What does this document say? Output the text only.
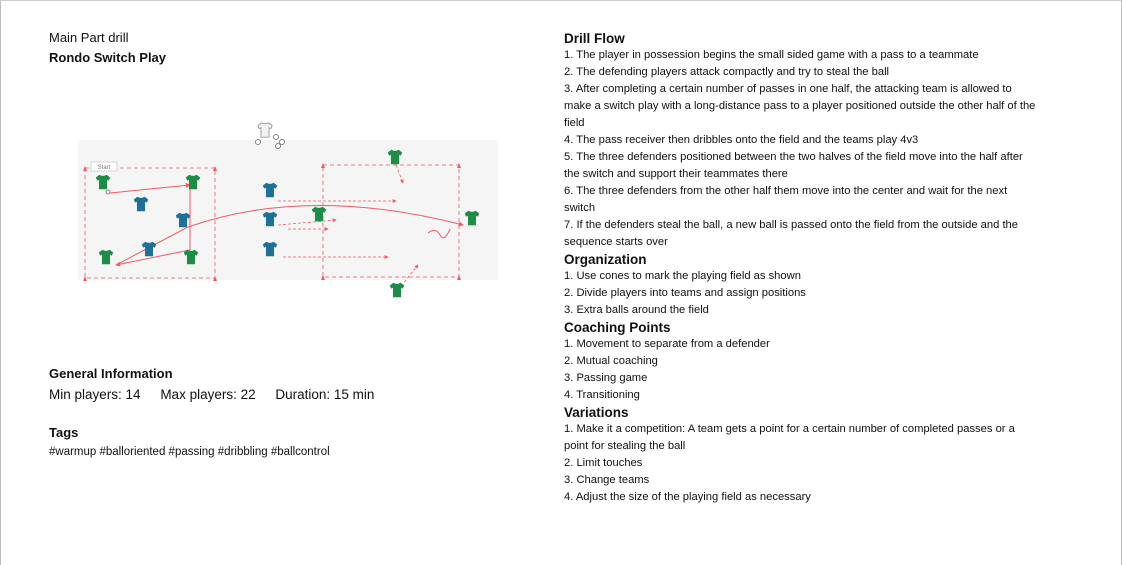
Main Part drill
Rondo Switch Play
Start
General Information
Min players: 14 Max players: 22 Duration: 15 min
Tags
#warmup #balloriented #passing #dribbling #ballcontrol
Drill Flow
1. The player in possession begins the small sided game with a pass to a teammate
2. The defending players attack compactly and try to steal the ball
3. After completing a certain number of passes in one half, the attacking team is allowed to
make a switch play with a long-distance pass to a player positioned outside the other half of the
field
4. The pass receiver then dribbles onto the field and the teams play 4v3
5. The three defenders positioned between the two halves of the field move into the half after
the switch and support their teammates there
6. The three defenders from the other half them move into the center and wait for the next
switch
7. If the defenders steal the ball, a new ball is passed onto the field from the outside and the
sequence starts over
Organization
1. Use cones to mark the playing field as shown
2. Divide players into teams and assign positions
3. Extra balls around the field
Coaching Points
1. Movement to separate from a defender
2. Mutual coaching
3. Passing game
4. Transitioning
Variations
1. Make it a competition: A team gets a point for a certain number of completed passes or a
point for stealing the ball
2. Limit touches
3. Change teams
4. Adjust the size of the playing field as necessary
